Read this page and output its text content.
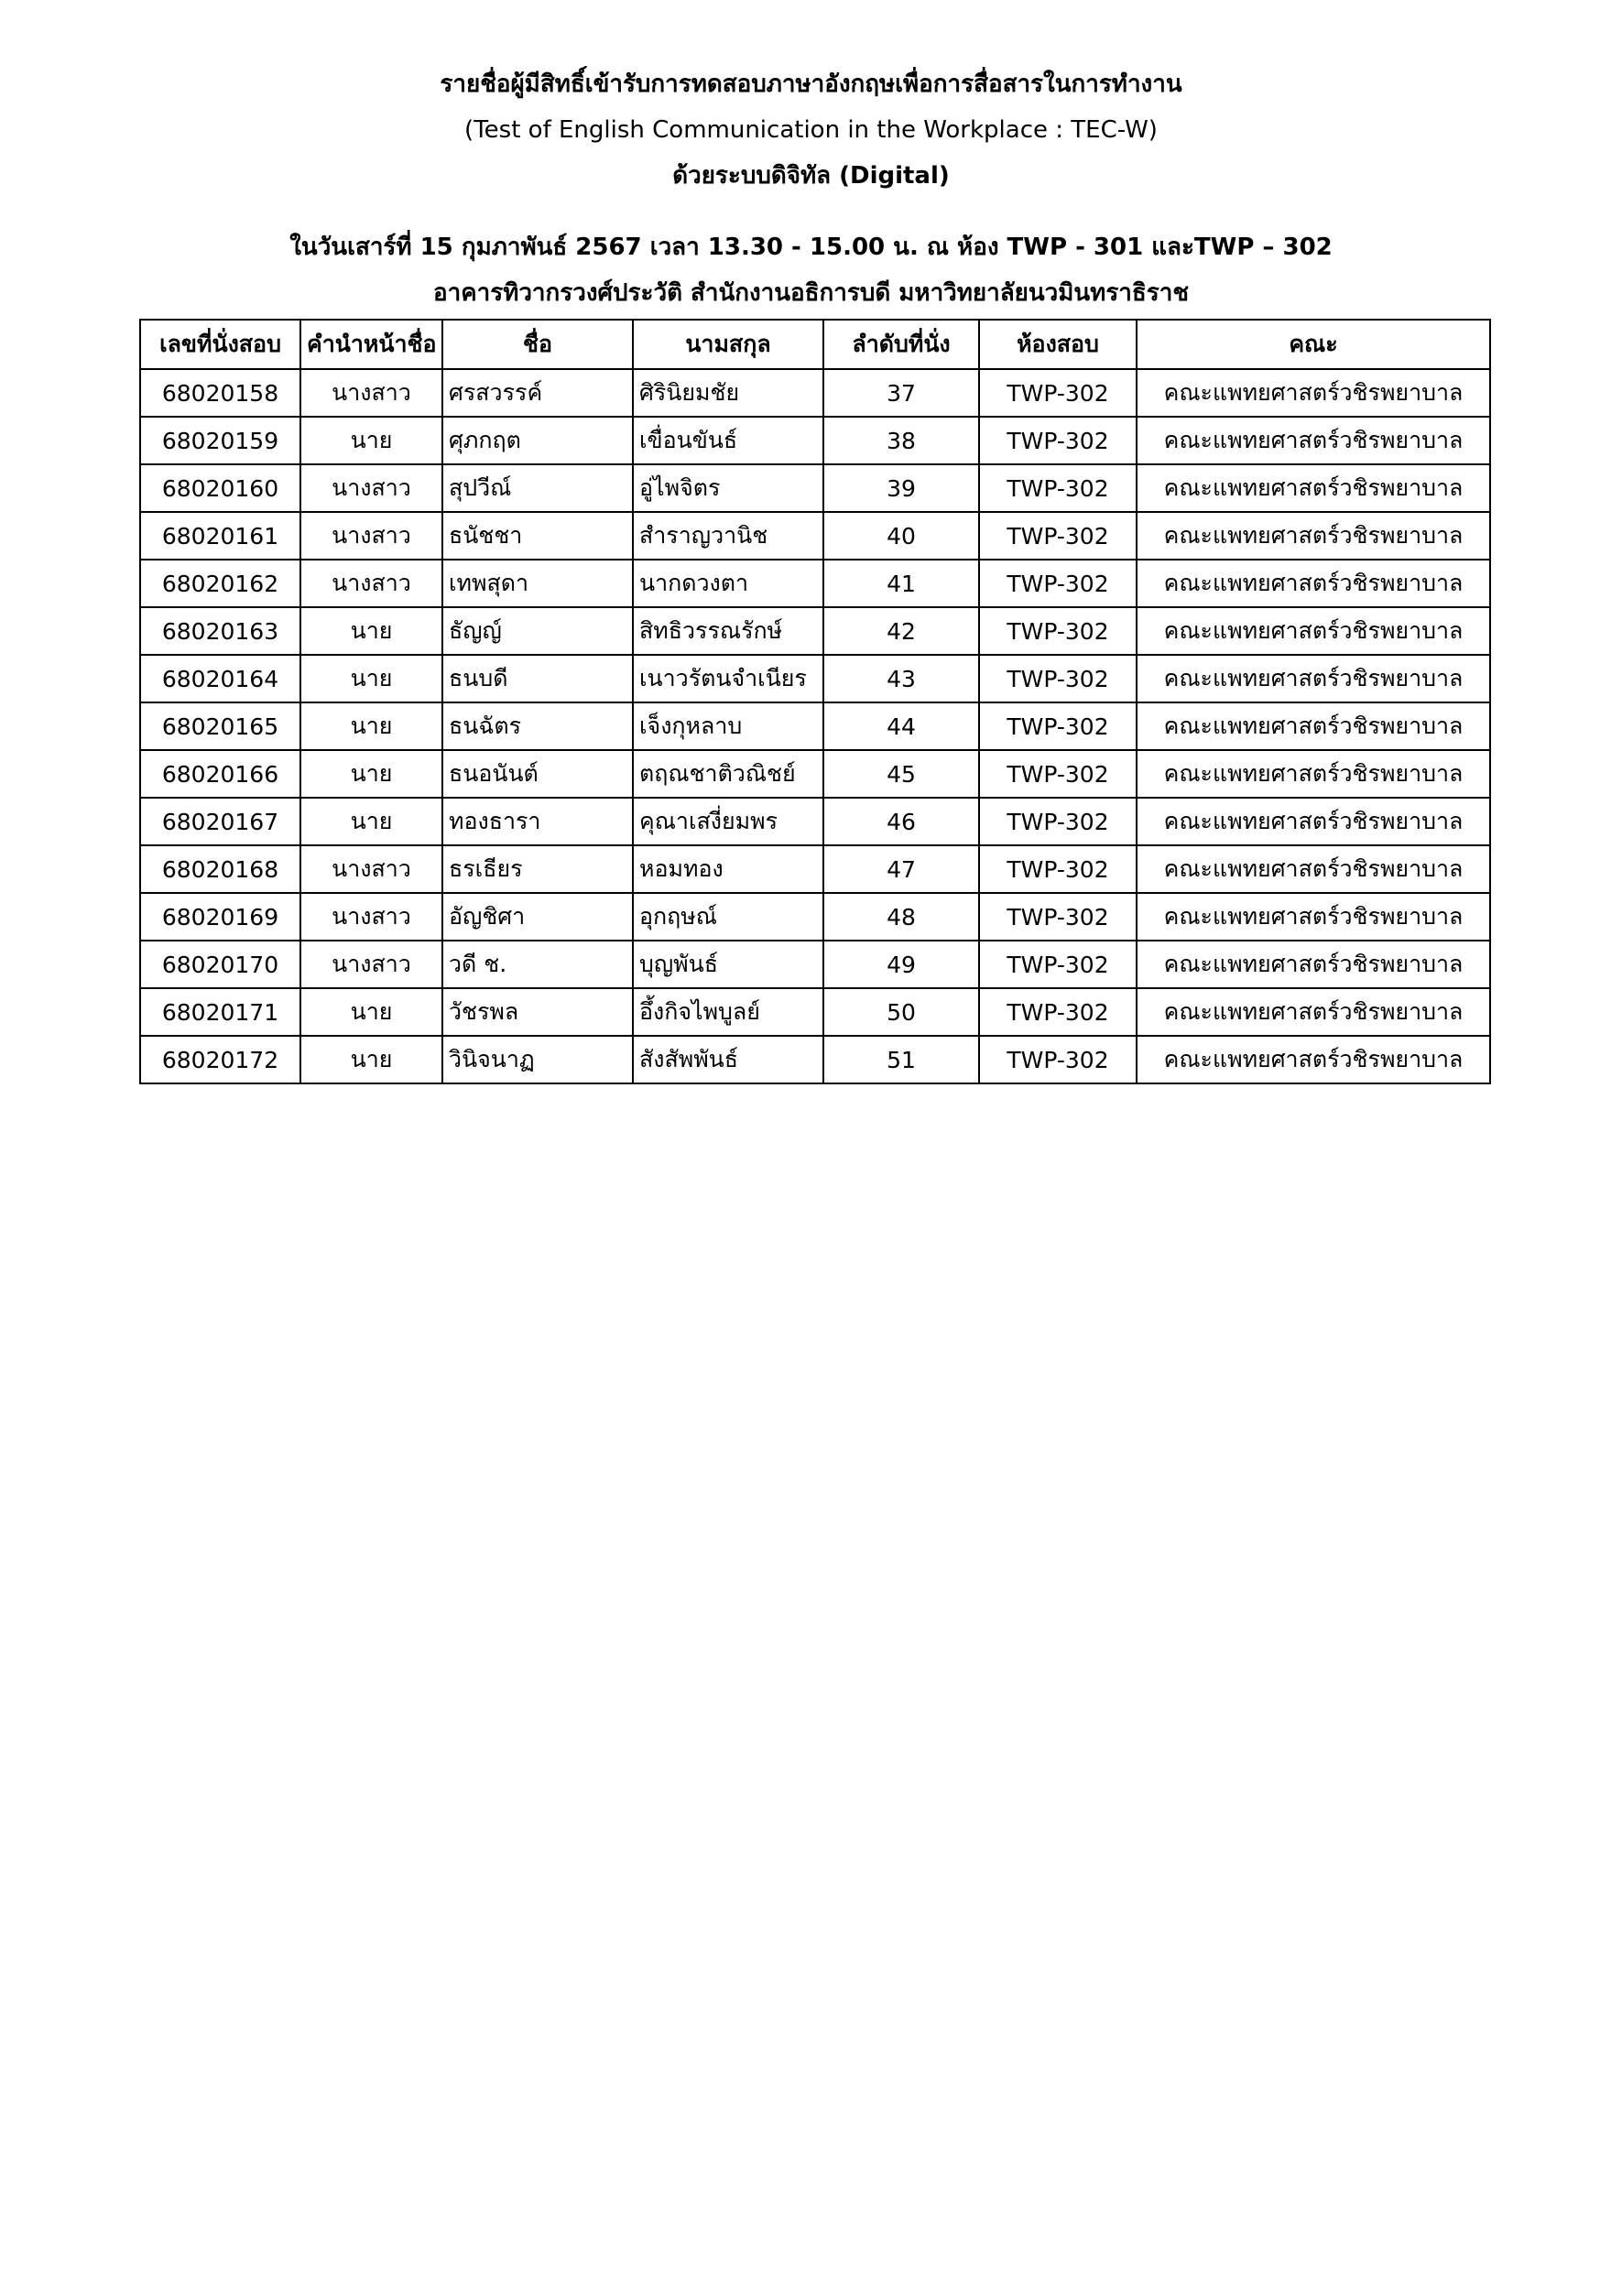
รายชื่อผู้มีสิทธิ์เข้ารับการทดสอบภาษาอังกฤษเพื่อการสื่อสารในการทำงาน
(Test of English Communication in the Workplace : TEC-W)
ด้วยระบบดิจิทัล (Digital)
ในวันเสาร์ที่ 15 กุมภาพันธ์ 2567 เวลา 13.30 - 15.00 น. ณ ห้อง TWP - 301 และTWP – 302
อาคารทิวากรวงศ์ประวัติ สำนักงานอธิการบดี มหาวิทยาลัยนวมินทราธิราช
เลขที่นั่งสอบ	คำนำหน้าชื่อ	ชื่อ	นามสกุล	ลำดับที่นั่ง	ห้องสอบ	คณะ
68020158	นางสาว	ศรสวรรค์	ศิรินิยมชัย	37	TWP-302	คณะแพทยศาสตร์วชิรพยาบาล
68020159	นาย	ศุภกฤต	เขื่อนขันธ์	38	TWP-302	คณะแพทยศาสตร์วชิรพยาบาล
68020160	นางสาว	สุปวีณ์	อู่ไพจิตร	39	TWP-302	คณะแพทยศาสตร์วชิรพยาบาล
68020161	นางสาว	ธนัชชา	สำราญวานิช	40	TWP-302	คณะแพทยศาสตร์วชิรพยาบาล
68020162	นางสาว	เทพสุดา	นากดวงตา	41	TWP-302	คณะแพทยศาสตร์วชิรพยาบาล
68020163	นาย	ธัญญ์	สิทธิวรรณรักษ์	42	TWP-302	คณะแพทยศาสตร์วชิรพยาบาล
68020164	นาย	ธนบดี	เนาวรัตนจำเนียร	43	TWP-302	คณะแพทยศาสตร์วชิรพยาบาล
68020165	นาย	ธนฉัตร	เจ็งกุหลาบ	44	TWP-302	คณะแพทยศาสตร์วชิรพยาบาล
68020166	นาย	ธนอนันต์	ตฤณชาติวณิชย์	45	TWP-302	คณะแพทยศาสตร์วชิรพยาบาล
68020167	นาย	ทองธารา	คุณาเสงี่ยมพร	46	TWP-302	คณะแพทยศาสตร์วชิรพยาบาล
68020168	นางสาว	ธรเธียร	หอมทอง	47	TWP-302	คณะแพทยศาสตร์วชิรพยาบาล
68020169	นางสาว	อัญชิศา	อุกฤษณ์	48	TWP-302	คณะแพทยศาสตร์วชิรพยาบาล
68020170	นางสาว	วดี ช.	บุญพันธ์	49	TWP-302	คณะแพทยศาสตร์วชิรพยาบาล
68020171	นาย	วัชรพล	อึ้งกิจไพบูลย์	50	TWP-302	คณะแพทยศาสตร์วชิรพยาบาล
68020172	นาย	วินิจนาฏ	สังสัพพันธ์	51	TWP-302	คณะแพทยศาสตร์วชิรพยาบาล
